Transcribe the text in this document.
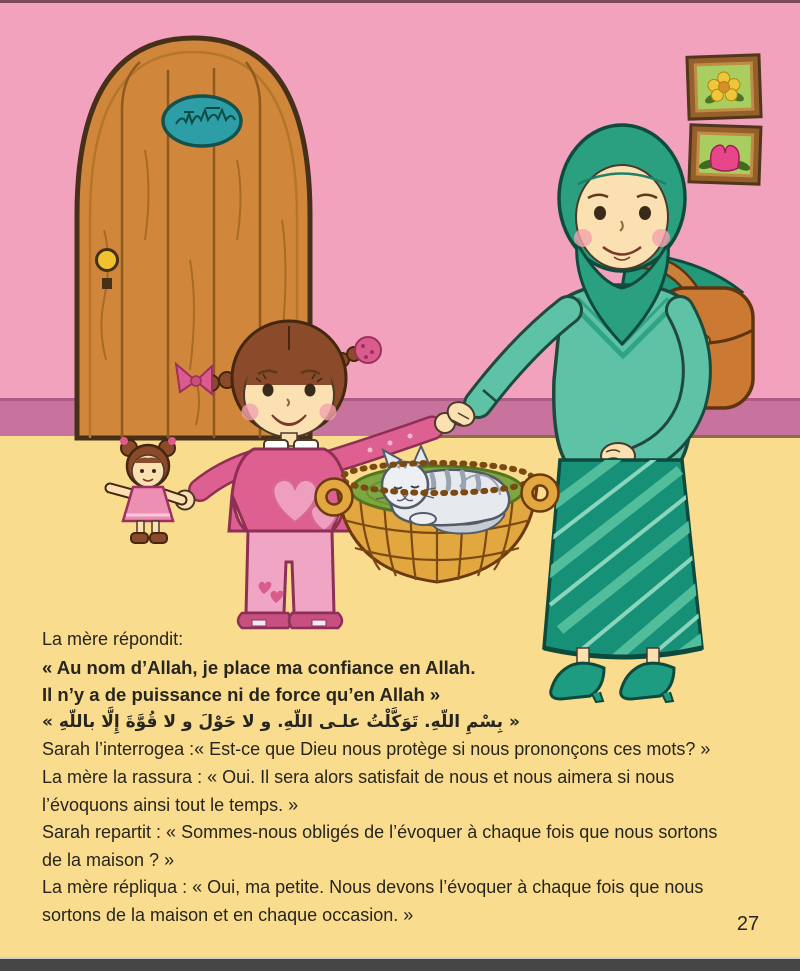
La mère répondit:
« Au nom d’Allah, je place ma confiance en Allah.
Il n’y a de puissance ni de force qu’en Allah »
« بِسْمِ اللّهِ. تَوَكَّلْتُ علـى اللّهِ. و لا حَوْلَ و لا قُوَّةَ إِلَّا باللّهِ »
Sarah l’interrogea :« Est-ce que Dieu nous protège si nous prononçons ces mots? »
La mère la rassura : « Oui. Il sera alors satisfait de nous et nous aimera si nous
l’évoquons ainsi tout le temps. »
Sarah repartit : « Sommes-nous obligés de l’évoquer à chaque fois que nous sortons
de la maison ? »
La mère répliqua : « Oui, ma petite. Nous devons l’évoquer à chaque fois que nous
sortons de la maison et en chaque occasion. »	27
